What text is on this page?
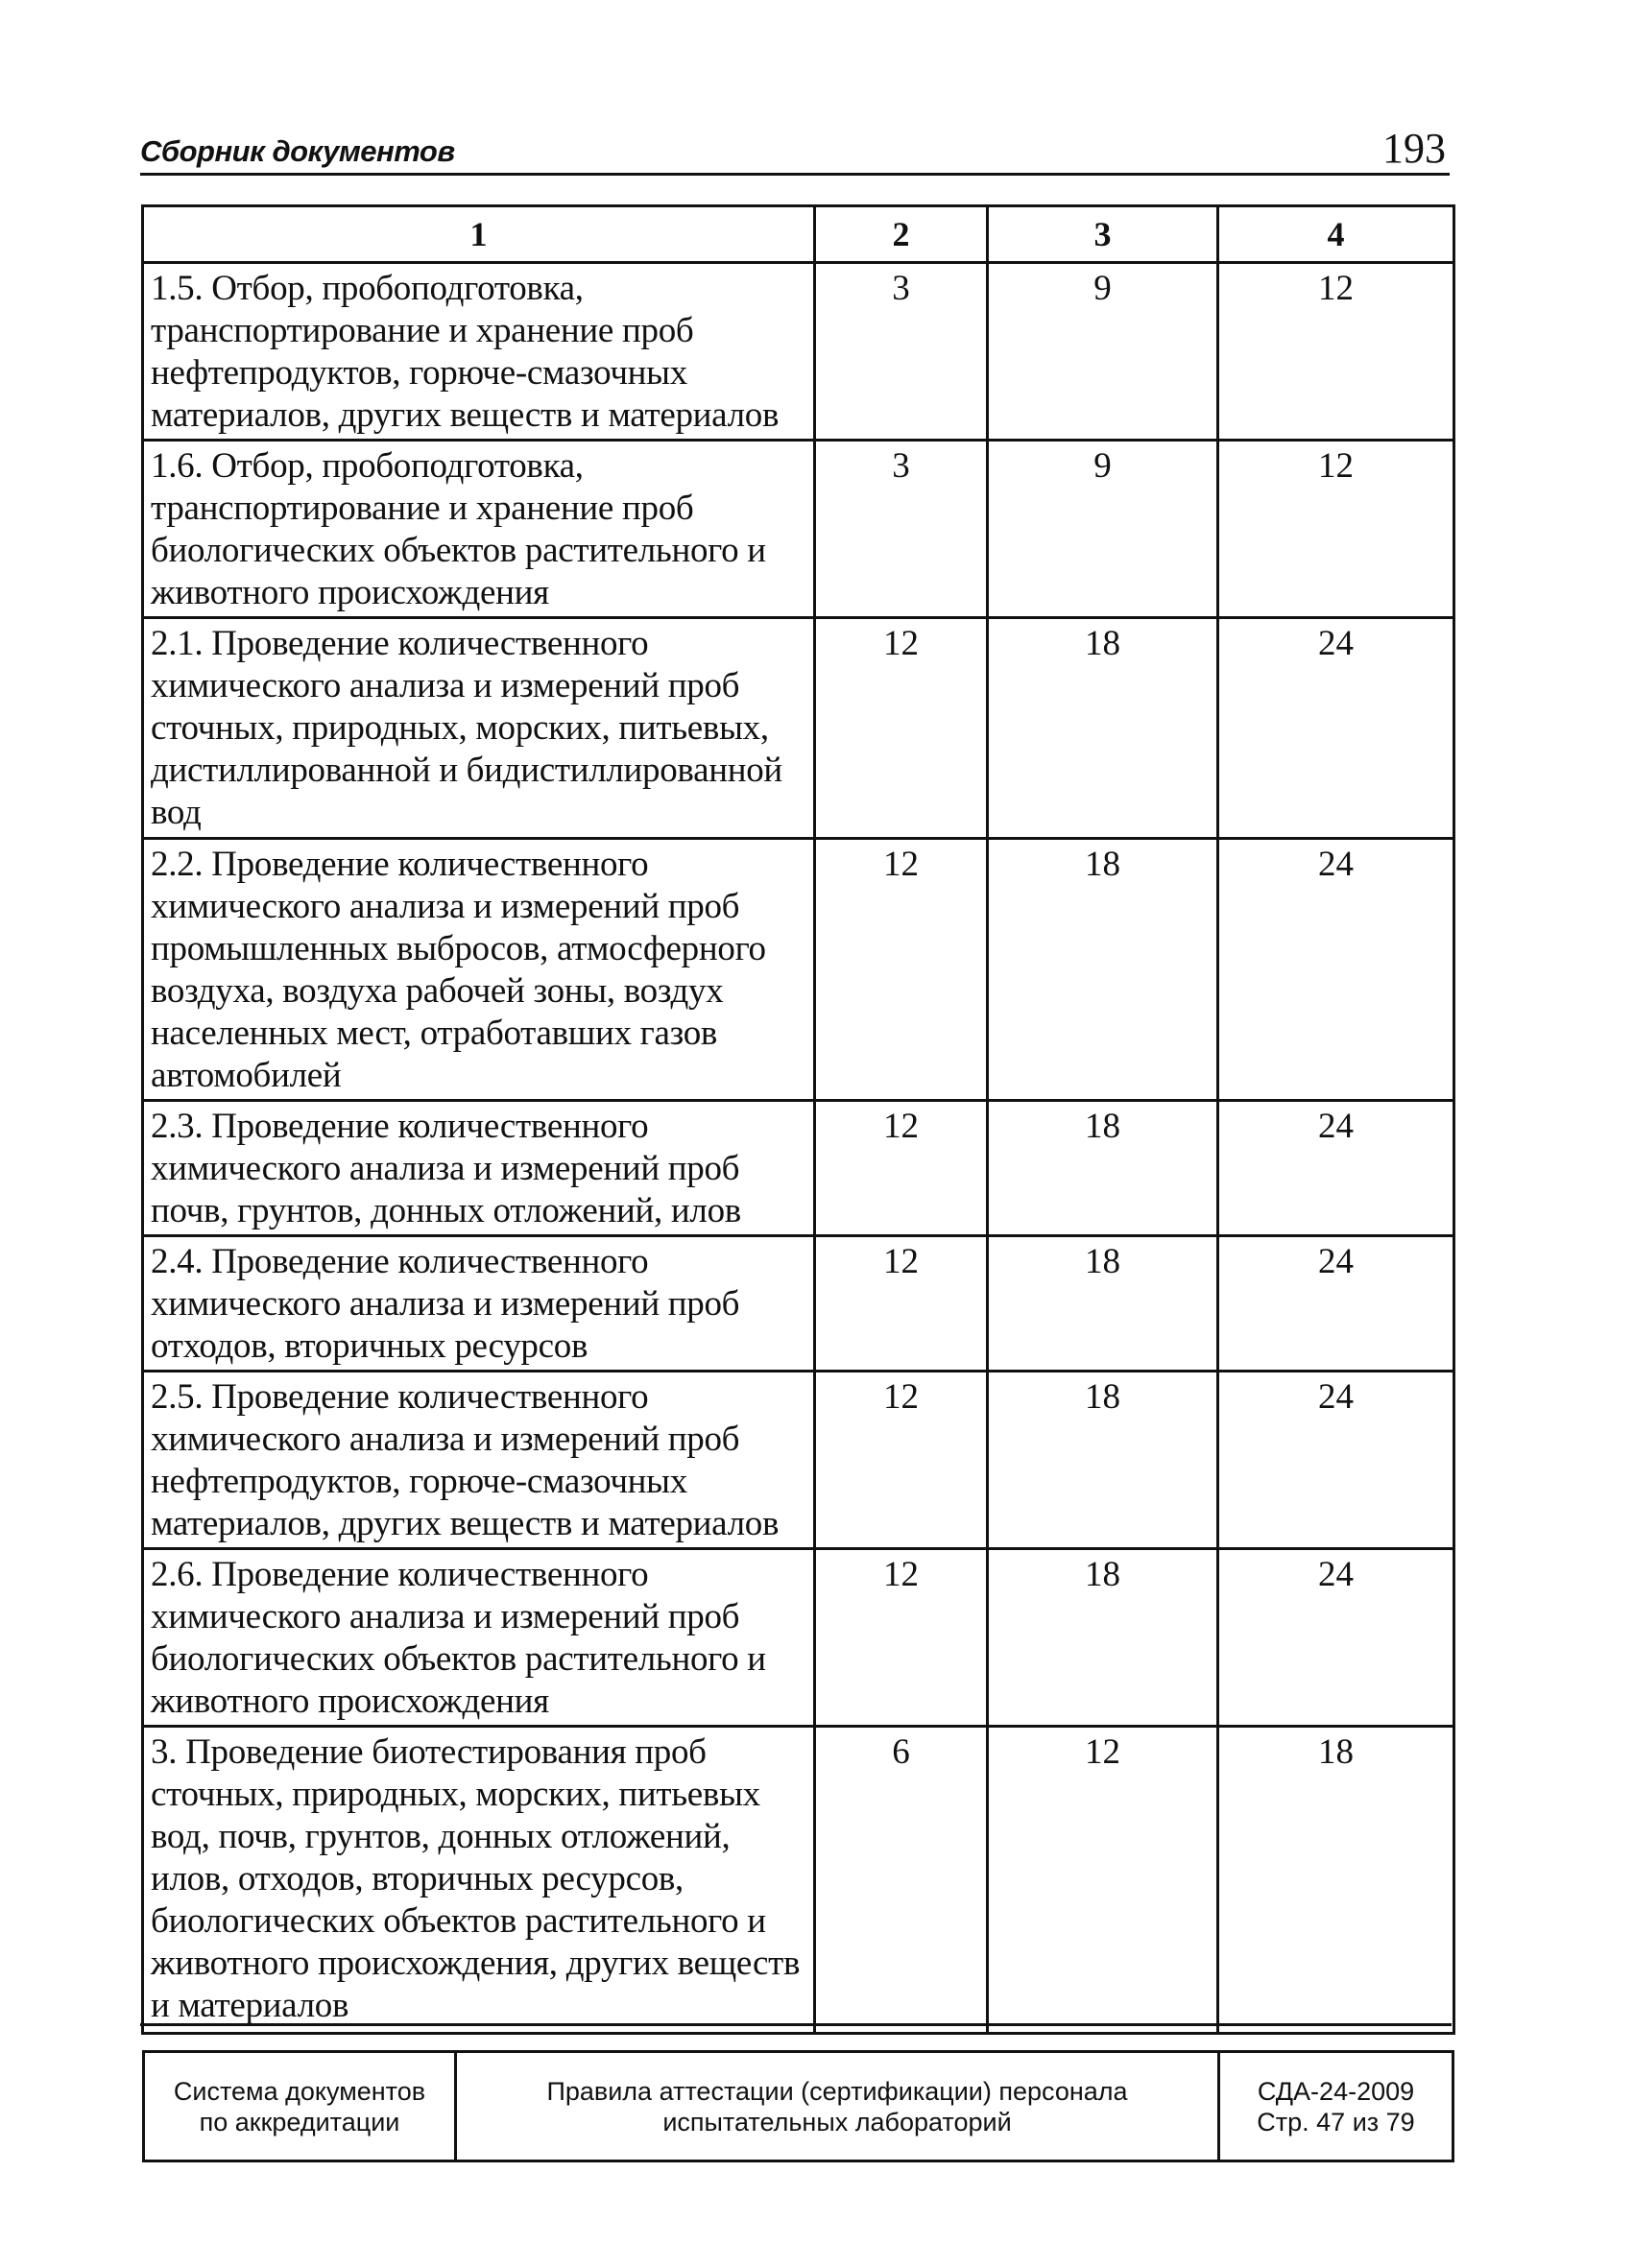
Сборник документов	193
1	2	3	4
1.5. Отбор, пробоподготовка, транспортирование и хранение проб нефтепродуктов, горюче-смазочных материалов, других веществ и материалов	3	9	12
1.6. Отбор, пробоподготовка, транспортирование и хранение проб биологических объектов растительного и животного происхождения	3	9	12
2.1. Проведение количественного химического анализа и измерений проб сточных, природных, морских, питьевых, дистиллированной и бидистиллированной вод	12	18	24
2.2. Проведение количественного химического анализа и измерений проб промышленных выбросов, атмосферного воздуха, воздуха рабочей зоны, воздух населенных мест, отработавших газов автомобилей	12	18	24
2.3. Проведение количественного химического анализа и измерений проб почв, грунтов, донных отложений, илов	12	18	24
2.4. Проведение количественного химического анализа и измерений проб отходов, вторичных ресурсов	12	18	24
2.5. Проведение количественного химического анализа и измерений проб нефтепродуктов, горюче-смазочных материалов, других веществ и материалов	12	18	24
2.6. Проведение количественного химического анализа и измерений проб биологических объектов растительного и животного происхождения	12	18	24
3. Проведение биотестирования проб сточных, природных, морских, питьевых вод, почв, грунтов, донных отложений, илов, отходов, вторичных ресурсов, биологических объектов растительного и животного происхождения, других веществ и материалов	6	12	18
Система документов
по аккредитации

Правила аттестации (сертификации) персонала
испытательных лабораторий

СДА-24-2009
Стр. 47 из 79
